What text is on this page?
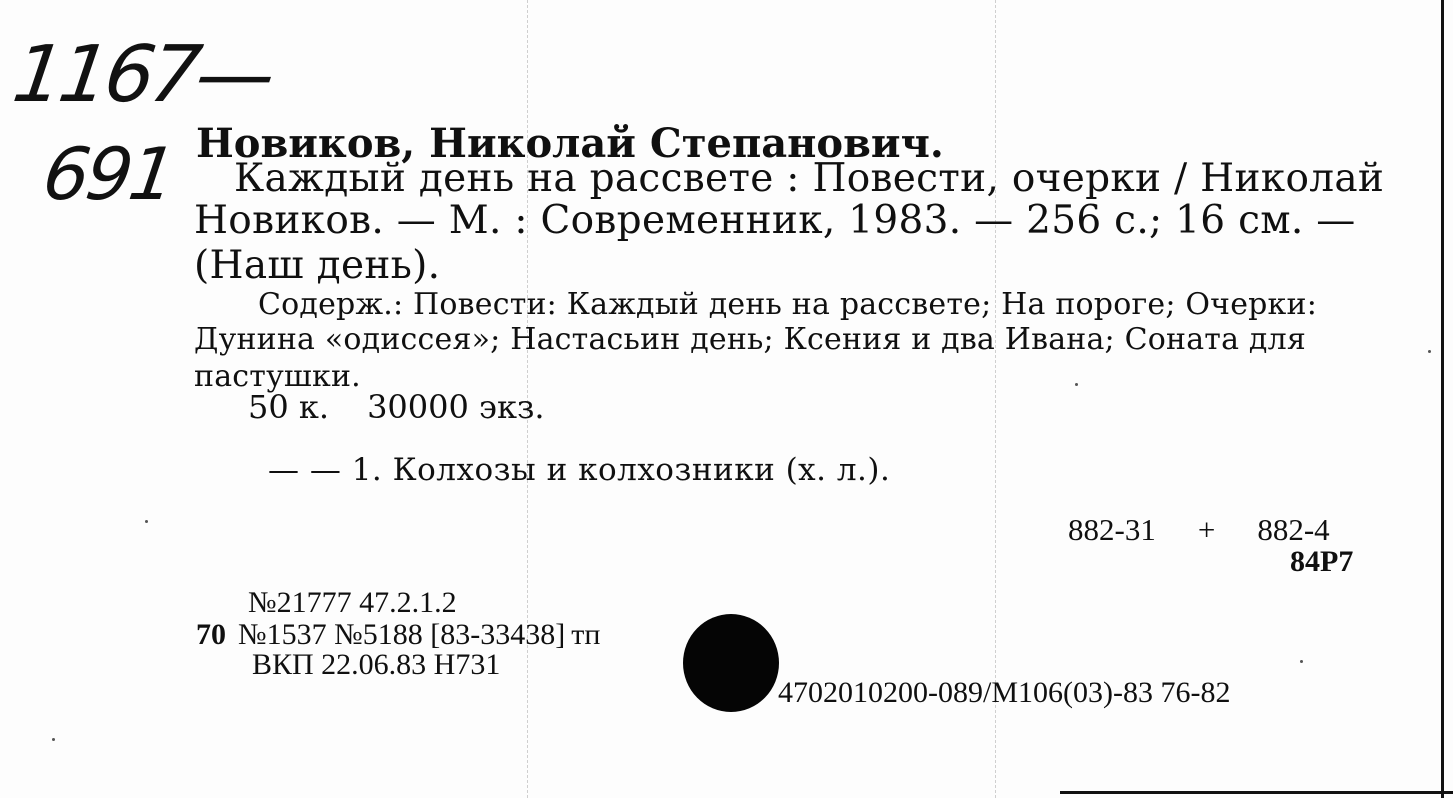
1167—
691 Новиков, Николай Степанович.
Каждый день на рассвете : Повести, очерки / Николай
Новиков. — М. : Современник, 1983. — 256 с.; 16 см. —
(Наш день).
Содерж.: Повести: Каждый день на рассвете; На пороге; Очерки:
Дунина «одиссея»; Настасьин день; Ксения и два Ивана; Соната для
пастушки.
50 к. 30000 экз.
— — 1. Колхозы и колхозники (х. л.).
882-31 + 882-4
84Р7
№21777 47.2.1.2
70 №1537 №5188 [83-33438] тп
ВКП 22.06.83 Н731
4702010200-089/М106(03)-83 76-82
